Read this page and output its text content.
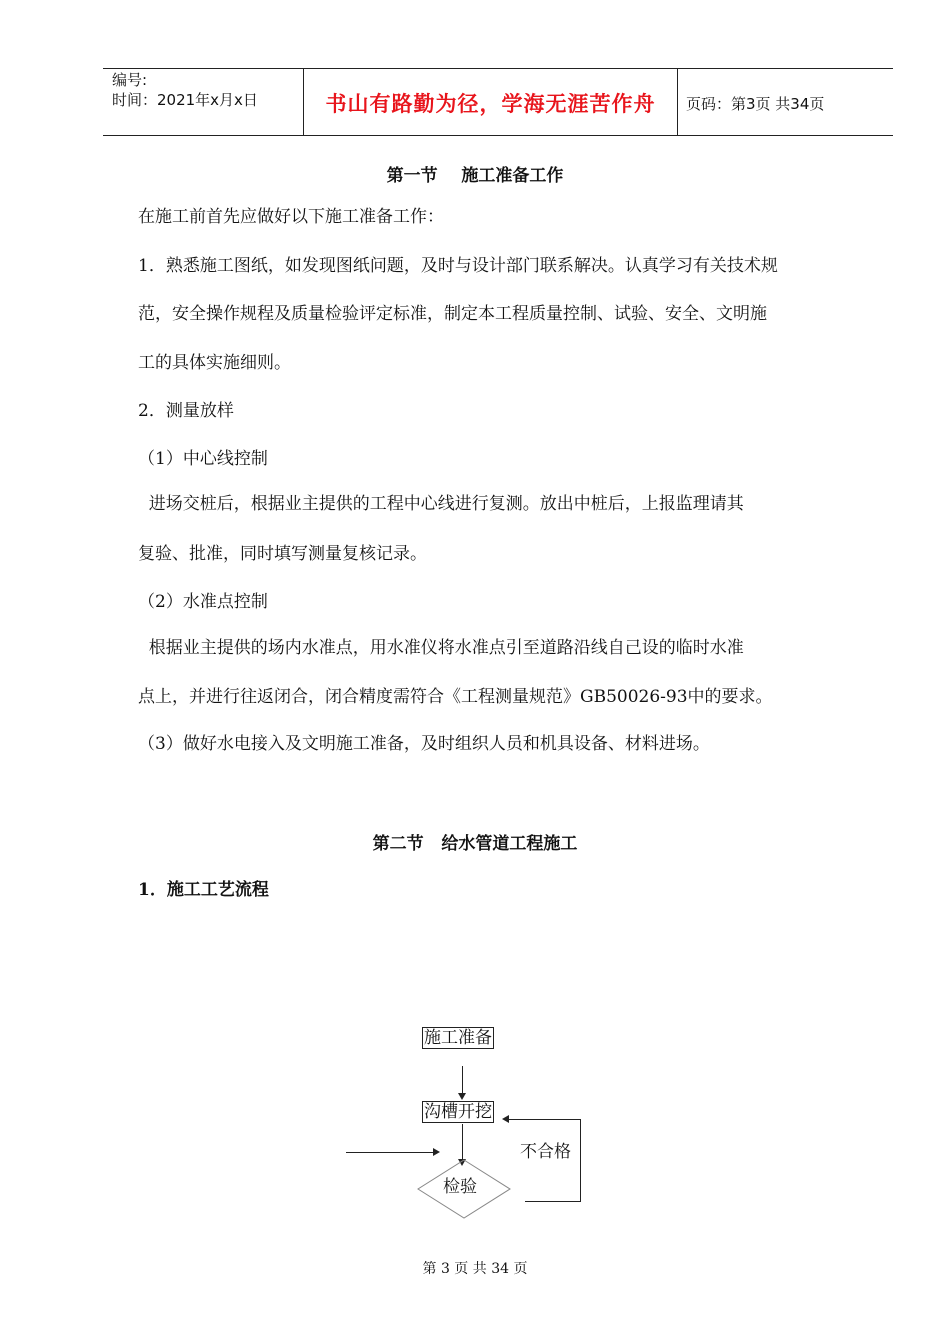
编号:
时间：2021年x月x日	书山有路勤为径，学海无涯苦作舟	页码：第3页 共34页
第一节    施工准备工作
在施工前首先应做好以下施工准备工作：
1．熟悉施工图纸，如发现图纸问题，及时与设计部门联系解决。认真学习有关技术规
范，安全操作规程及质量检验评定标准，制定本工程质量控制、试验、安全、文明施
工的具体实施细则。
2．测量放样
（1）中心线控制
进场交桩后，根据业主提供的工程中心线进行复测。放出中桩后，上报监理请其
复验、批准，同时填写测量复核记录。
（2）水准点控制
根据业主提供的场内水准点，用水准仪将水准点引至道路沿线自己设的临时水准
点上，并进行往返闭合，闭合精度需符合《工程测量规范》GB50026-93中的要求。
（3）做好水电接入及文明施工准备，及时组织人员和机具设备、材料进场。
第二节   给水管道工程施工
1．施工工艺流程
施工准备
沟槽开挖
不合格
检验
第 3 页 共 34 页
